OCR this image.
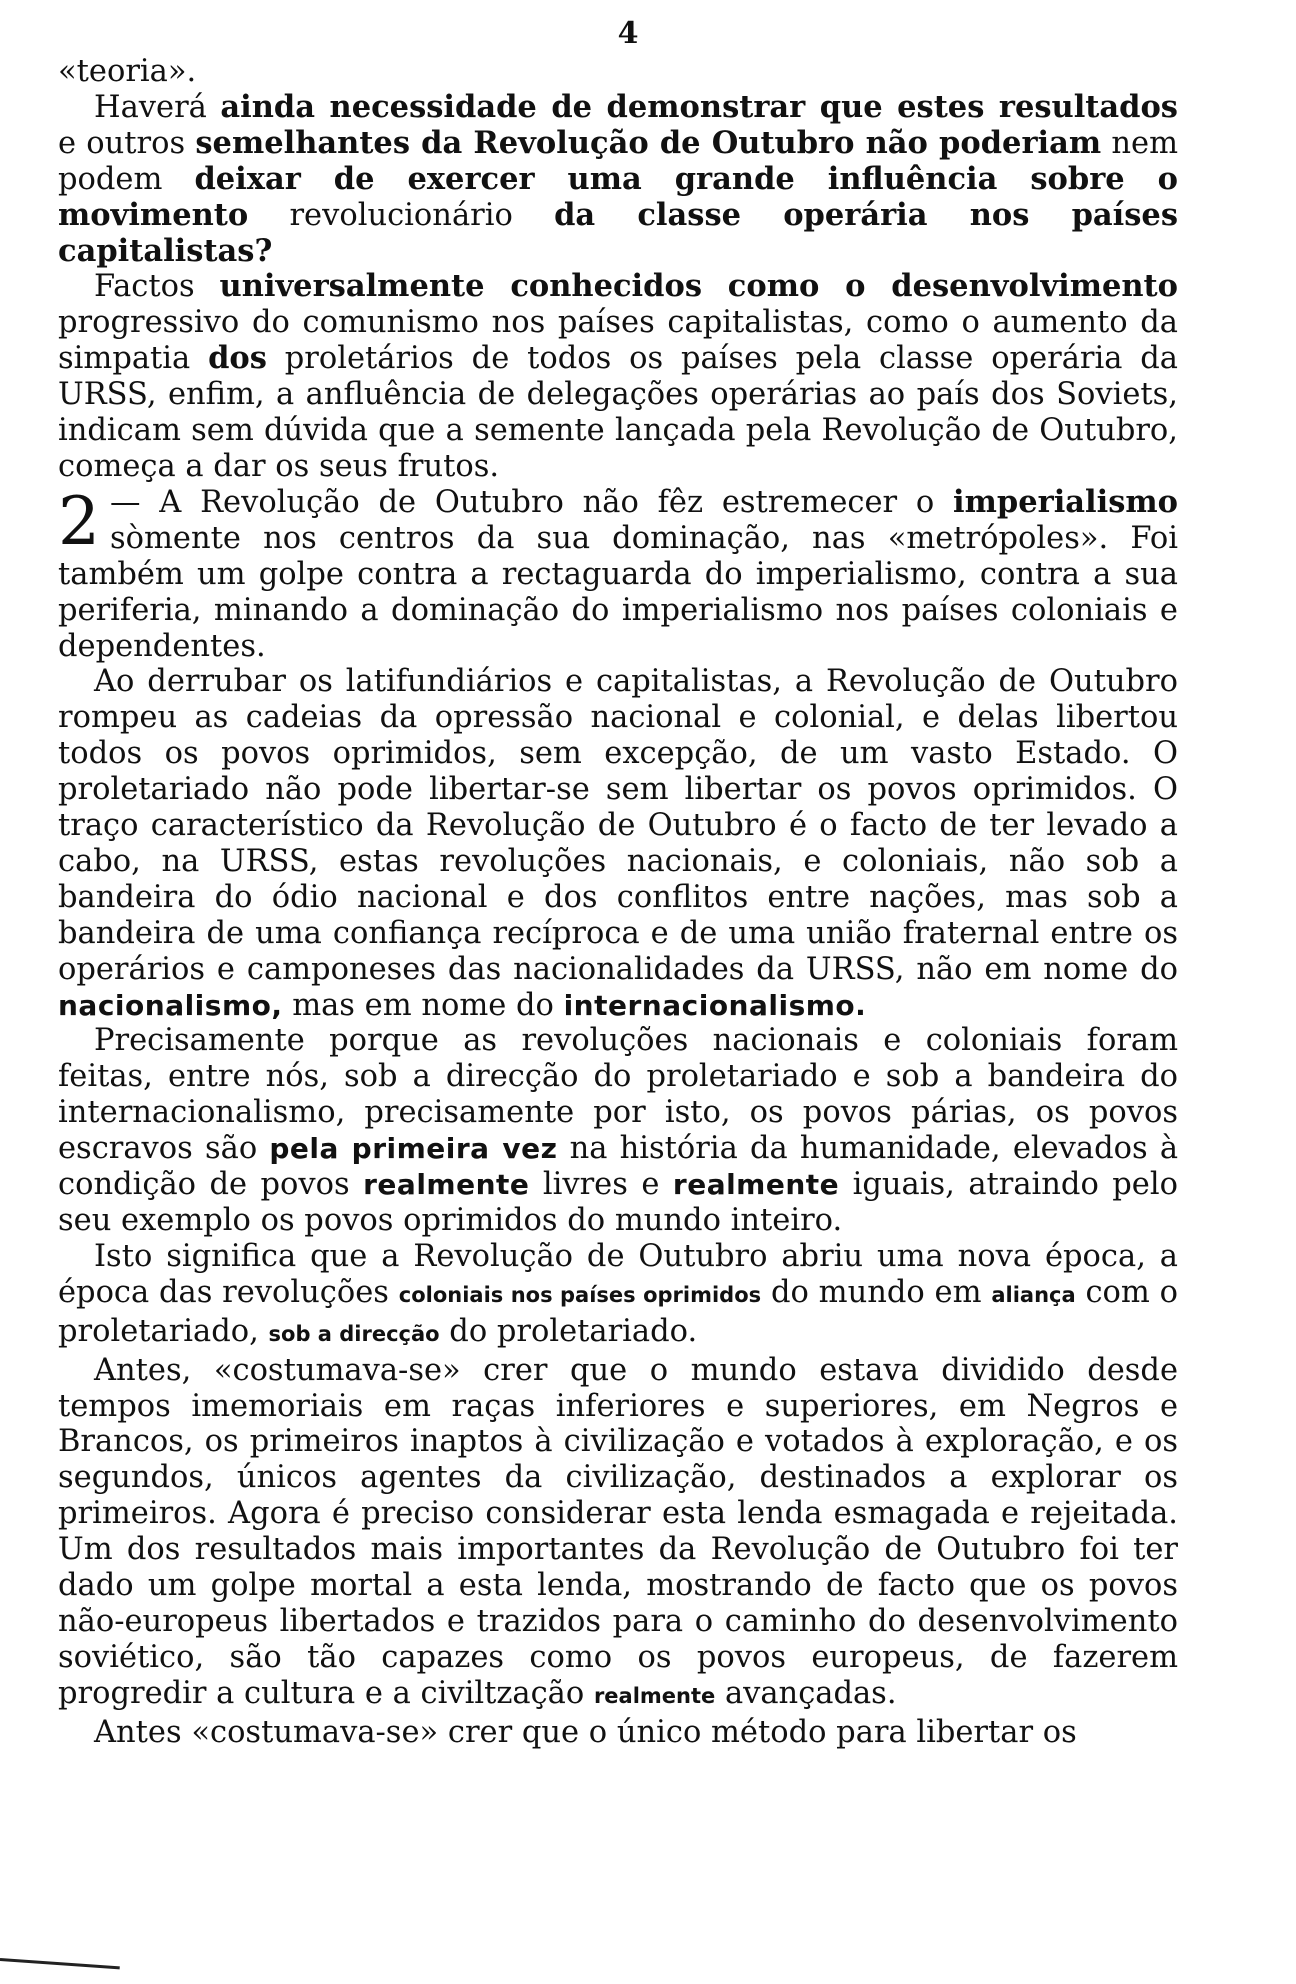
4

«teoria».

Haverá ainda necessidade de demonstrar que estes resultados e outros semelhantes da Revolução de Outubro não poderiam nem podem deixar de exercer uma grande influência sobre o movimento revolucionário da classe operária nos países capitalistas?

Factos universalmente conhecidos como o desenvolvimento progressivo do comunismo nos países capitalistas, como o aumento da simpatia dos proletários de todos os países pela classe operária da URSS, enfim, a anfluência de delegações operárias ao país dos Soviets, indicam sem dúvida que a semente lançada pela Revolução de Outubro, começa a dar os seus frutos.

2 — A Revolução de Outubro não fêz estremecer o imperialismo sòmente nos centros da sua dominação, nas «metrópoles». Foi também um golpe contra a rectaguarda do imperialismo, contra a sua periferia, minando a dominação do imperialismo nos países coloniais e dependentes.

Ao derrubar os latifundiários e capitalistas, a Revolução de Outubro rompeu as cadeias da opressão nacional e colonial, e delas libertou todos os povos oprimidos, sem excepção, de um vasto Estado. O proletariado não pode libertar-se sem libertar os povos oprimidos. O traço característico da Revolução de Outubro é o facto de ter levado a cabo, na URSS, estas revoluções nacionais, e coloniais, não sob a bandeira do ódio nacional e dos conflitos entre nações, mas sob a bandeira de uma confiança recíproca e de uma união fraternal entre os operários e camponeses das nacionalidades da URSS, não em nome do nacionalismo, mas em nome do internacionalismo.

Precisamente porque as revoluções nacionais e coloniais foram feitas, entre nós, sob a direcção do proletariado e sob a bandeira do internacionalismo, precisamente por isto, os povos párias, os povos escravos são pela primeira vez na história da humanidade, elevados à condição de povos realmente livres e realmente iguais, atraindo pelo seu exemplo os povos oprimidos do mundo inteiro.

Isto significa que a Revolução de Outubro abriu uma nova época, a época das revoluções coloniais nos países oprimidos do mundo em aliança com o proletariado, sob a direcção do proletariado.

Antes, «costumava-se» crer que o mundo estava dividido desde tempos imemoriais em raças inferiores e superiores, em Negros e Brancos, os primeiros inaptos à civilização e votados à exploração, e os segundos, únicos agentes da civilização, destinados a explorar os primeiros. Agora é preciso considerar esta lenda esmagada e rejeitada. Um dos resultados mais importantes da Revolução de Outubro foi ter dado um golpe mortal a esta lenda, mostrando de facto que os povos não-europeus libertados e trazidos para o caminho do desenvolvimento soviético, são tão capazes como os povos europeus, de fazerem progredir a cultura e a civiltzação realmente avançadas.

Antes «costumava-se» crer que o único método para libertar os
